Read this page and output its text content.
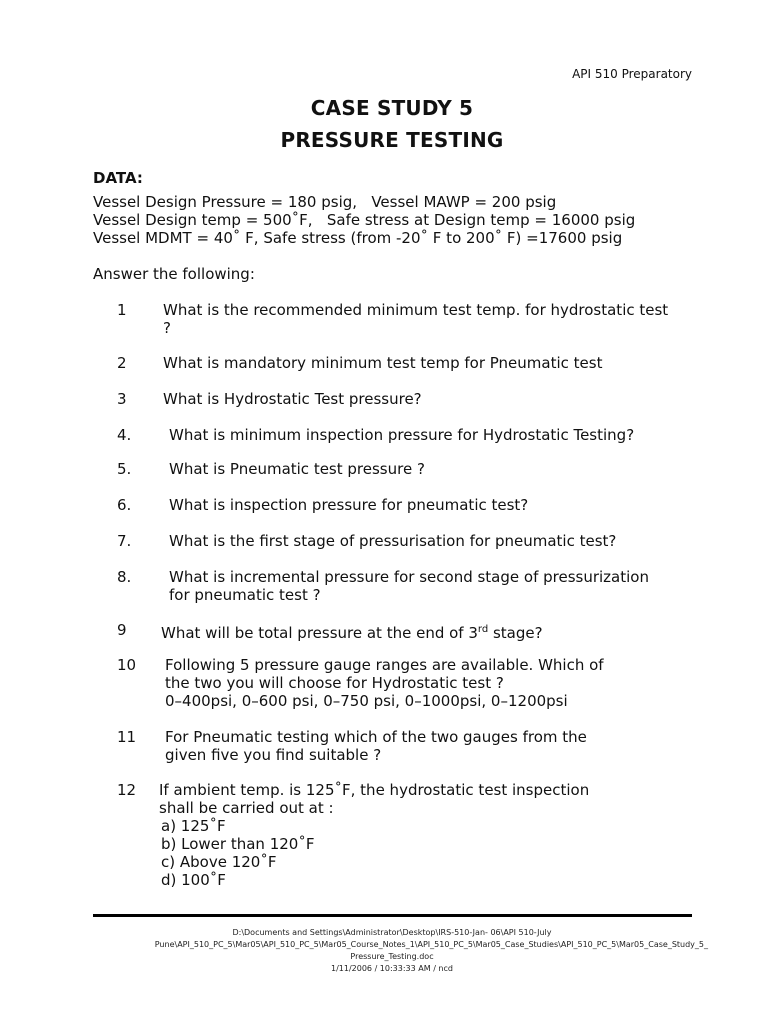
API 510 Preparatory
CASE STUDY 5
PRESSURE TESTING
DATA:
Vessel Design Pressure = 180 psig,   Vessel MAWP = 200 psig
Vessel Design temp = 500˚F,   Safe stress at Design temp = 16000 psig
Vessel MDMT = 40˚ F, Safe stress (from -20˚ F to 200˚ F) =17600 psig
Answer the following:
1 What is the recommended minimum test temp. for hydrostatic test
?
2 What is mandatory minimum test temp for Pneumatic test
3 What is Hydrostatic Test pressure?
4.	What is minimum inspection pressure for Hydrostatic Testing?
5.	What is Pneumatic test pressure ?
6.	What is inspection pressure for pneumatic test?
7.	What is the first stage of pressurisation for pneumatic test?
8.	What is incremental pressure for second stage of pressurization
for pneumatic test ?
9 What will be total pressure at the end of 3rd stage?
10 Following 5 pressure gauge ranges are available. Which of
the two you will choose for Hydrostatic test ?
0–400psi, 0–600 psi, 0–750 psi, 0–1000psi, 0–1200psi
11 For Pneumatic testing which of the two gauges from the
given five you find suitable ?
12 If ambient temp. is 125˚F, the hydrostatic test inspection
shall be carried out at :
a) 125˚F
b) Lower than 120˚F
c) Above 120˚F
d) 100˚F
D:\Documents and Settings\Administrator\Desktop\IRS-510-Jan- 06\API 510-July
Pune\API_510_PC_5\Mar05\API_510_PC_5\Mar05_Course_Notes_1\API_510_PC_5\Mar05_Case_Studies\API_510_PC_5\Mar05_Case_Study_5_
Pressure_Testing.doc
1/11/2006 / 10:33:33 AM / ncd
